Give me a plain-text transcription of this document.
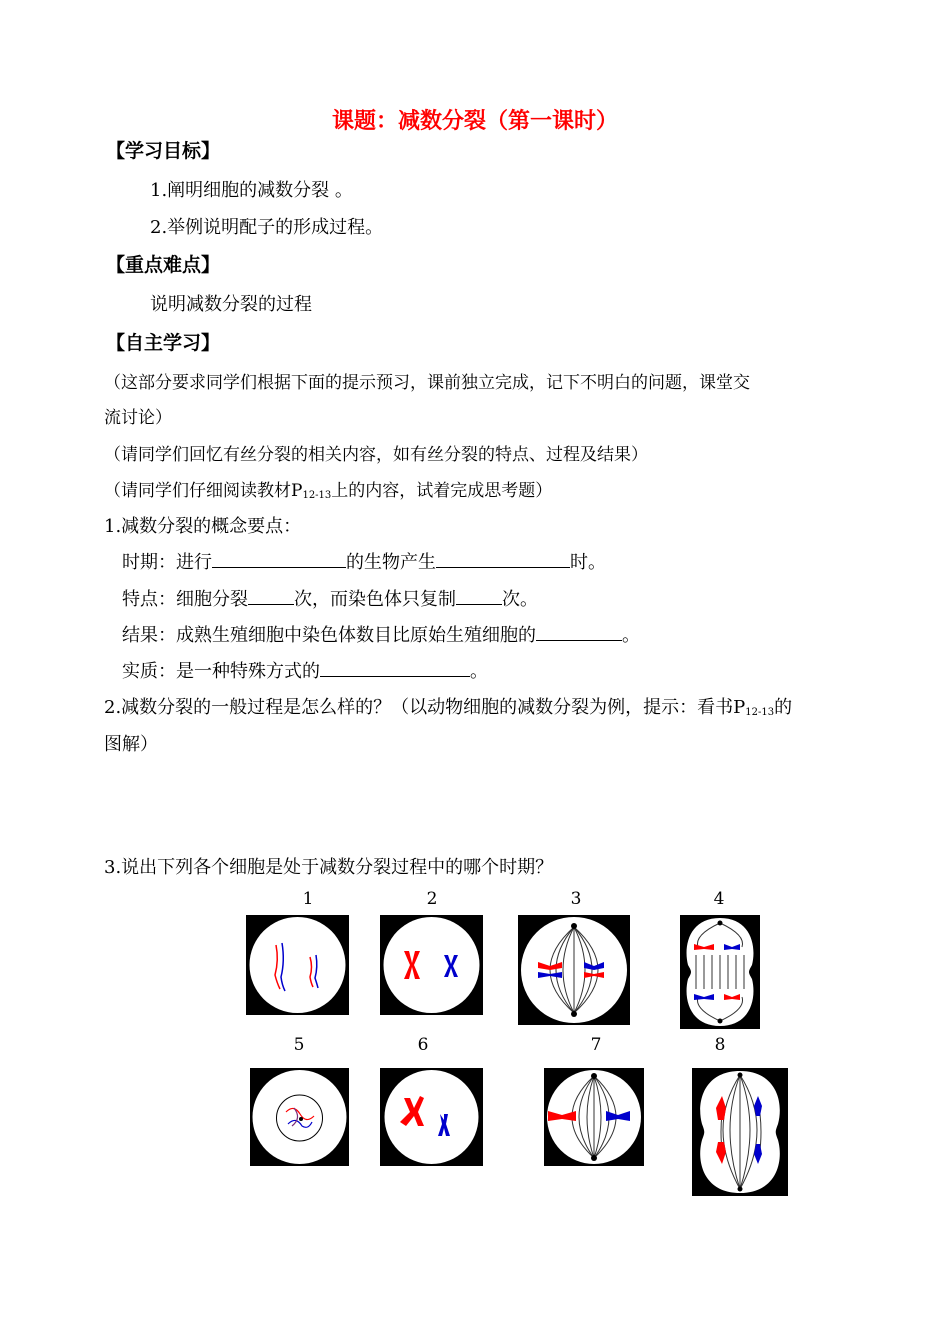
课题：减数分裂（第一课时）
【学习目标】
1.阐明细胞的减数分裂 。
2.举例说明配子的形成过程。
【重点难点】
说明减数分裂的过程
【自主学习】
（这部分要求同学们根据下面的提示预习，课前独立完成，记下不明白的问题，课堂交
流讨论）
（请同学们回忆有丝分裂的相关内容，如有丝分裂的特点、过程及结果）
（请同学们仔细阅读教材$P_{12-13}$上的内容，试着完成思考题）
1.减数分裂的概念要点：
时期：进行	的生物产生	时。
特点：细胞分裂	次，而染色体只复制	次。
结果：成熟生殖细胞中染色体数目比原始生殖细胞的	。
实质：是一种特殊方式的	。
2.减数分裂的一般过程是怎么样的？（以动物细胞的减数分裂为例，提示：看书$P_{12-13}$的
图解）
3.说出下列各个细胞是处于减数分裂过程中的哪个时期？
1	2	3	4
5	6	7	8
